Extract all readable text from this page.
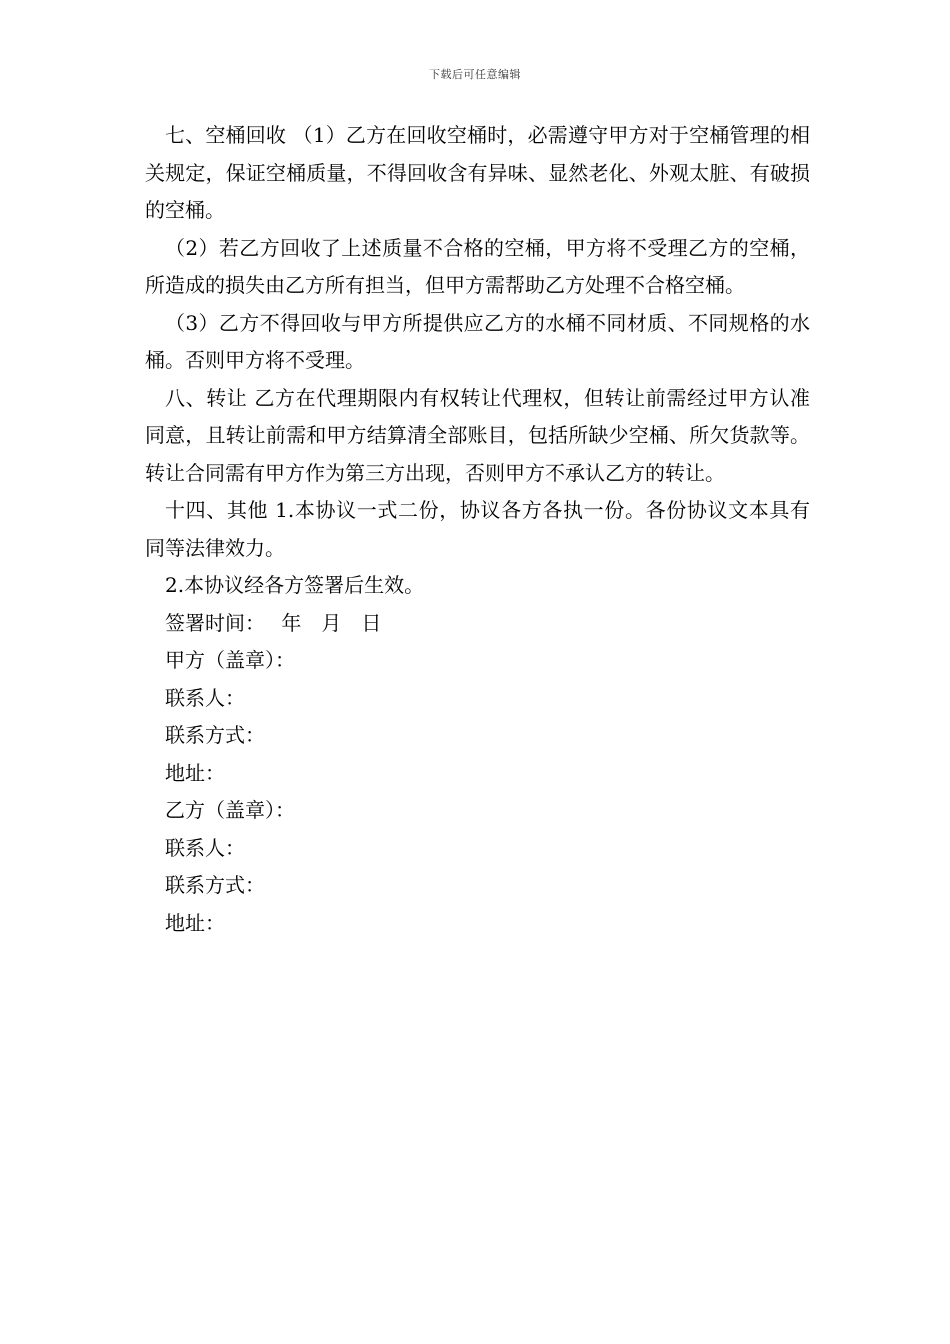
下载后可任意编辑

七、空桶回收 （1）乙方在回收空桶时，必需遵守甲方对于空桶管理的相关规定，保证空桶质量，不得回收含有异味、显然老化、外观太脏、有破损的空桶。

（2）若乙方回收了上述质量不合格的空桶，甲方将不受理乙方的空桶，所造成的损失由乙方所有担当，但甲方需帮助乙方处理不合格空桶。

（3）乙方不得回收与甲方所提供应乙方的水桶不同材质、不同规格的水桶。否则甲方将不受理。

八、转让 乙方在代理期限内有权转让代理权，但转让前需经过甲方认准同意，且转让前需和甲方结算清全部账目，包括所缺少空桶、所欠货款等。转让合同需有甲方作为第三方出现，否则甲方不承认乙方的转让。

十四、其他 1.本协议一式二份，协议各方各执一份。各份协议文本具有同等法律效力。

2.本协议经各方签署后生效。
签署时间：　 年　月　日
甲方（盖章）：
联系人：
联系方式：
地址：
乙方（盖章）：
联系人：
联系方式：
地址：
